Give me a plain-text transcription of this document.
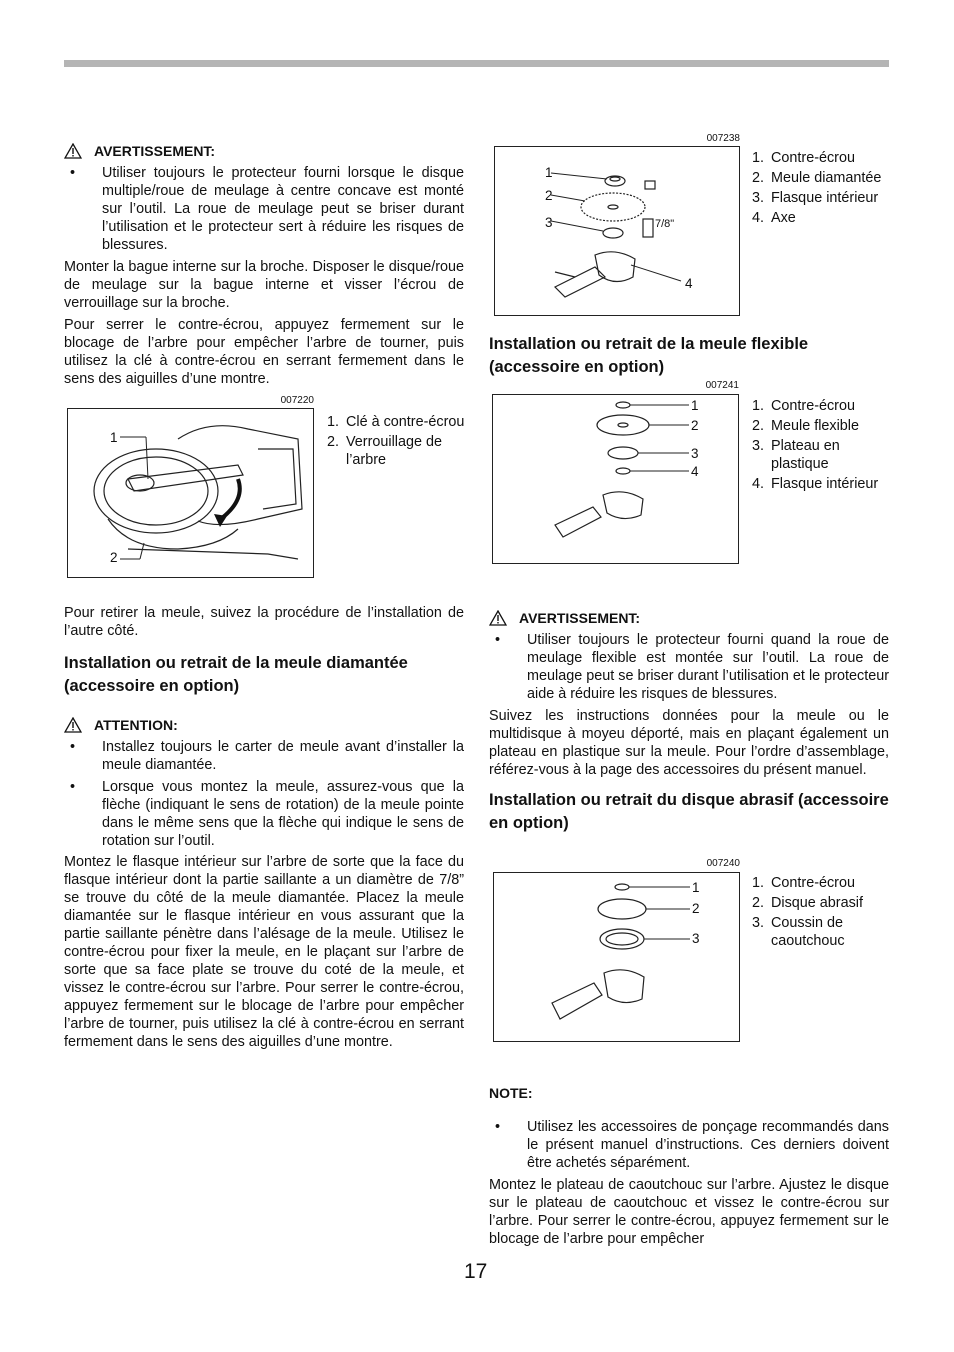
AVERTISSEMENT:
• Utiliser toujours le protecteur fourni lorsque le disque multiple/roue de meulage à centre concave est monté sur l’outil. La roue de meulage peut se briser durant l’utilisation et le protecteur sert à réduire les risques de blessures.

Monter la bague interne sur la broche. Disposer le disque/roue de meulage sur la bague interne et visser l’écrou de verrouillage sur la broche.

Pour serrer le contre-écrou, appuyez fermement sur le blocage de l’arbre pour empêcher l’arbre de tourner, puis utilisez la clé à contre-écrou en serrant fermement dans le sens des aiguilles d’une montre.

007220
1
2
1. Clé à contre-écrou
2. Verrouillage de l’arbre

Pour retirer la meule, suivez la procédure de l’installation de l’autre côté.

Installation ou retrait de la meule diamantée (accessoire en option)
ATTENTION:
• Installez toujours le carter de meule avant d’installer la meule diamantée.
• Lorsque vous montez la meule, assurez-vous que la flèche (indiquant le sens de rotation) de la meule pointe dans le même sens que la flèche qui indique le sens de rotation sur l’outil.

Montez le flasque intérieur sur l’arbre de sorte que la face du flasque intérieur dont la partie saillante a un diamètre de 7/8” se trouve du côté de la meule diamantée. Placez la meule diamantée sur le flasque intérieur en vous assurant que la partie saillante pénètre dans l’alésage de la meule. Utilisez le contre-écrou pour fixer la meule, en le plaçant sur l’arbre de sorte que sa face plate se trouve du coté de la meule, et vissez le contre-écrou sur l’arbre. Pour serrer le contre-écrou, appuyez fermement sur le blocage de l’arbre pour empêcher l’arbre de tourner, puis utilisez la clé à contre-écrou en serrant fermement dans le sens des aiguilles d’une montre.

007238
1
2
3
4
7/8"
1. Contre-écrou
2. Meule diamantée
3. Flasque intérieur
4. Axe
Installation ou retrait de la meule flexible (accessoire en option)
007241
1
2
3
4
1. Contre-écrou
2. Meule flexible
3. Plateau en plastique
4. Flasque intérieur
AVERTISSEMENT:
• Utiliser toujours le protecteur fourni quand la roue de meulage flexible est montée sur l’outil. La roue de meulage peut se briser durant l’utilisation et le protecteur aide à réduire les risques de blessures.

Suivez les instructions données pour la meule ou le multidisque à moyeu déporté, mais en plaçant également un plateau en plastique sur la meule. Pour l’ordre d’assemblage, référez-vous à la page des accessoires du présent manuel.

Installation ou retrait du disque abrasif (accessoire en option)
007240
1
2
3
1. Contre-écrou
2. Disque abrasif
3. Coussin de caoutchouc
NOTE:
• Utilisez les accessoires de ponçage recommandés dans le présent manuel d’instructions. Ces derniers doivent être achetés séparément.

Montez le plateau de caoutchouc sur l’arbre. Ajustez le disque sur le plateau de caoutchouc et vissez le contre-écrou sur l’arbre. Pour serrer le contre-écrou, appuyez fermement sur le blocage de l’arbre pour empêcher

17
